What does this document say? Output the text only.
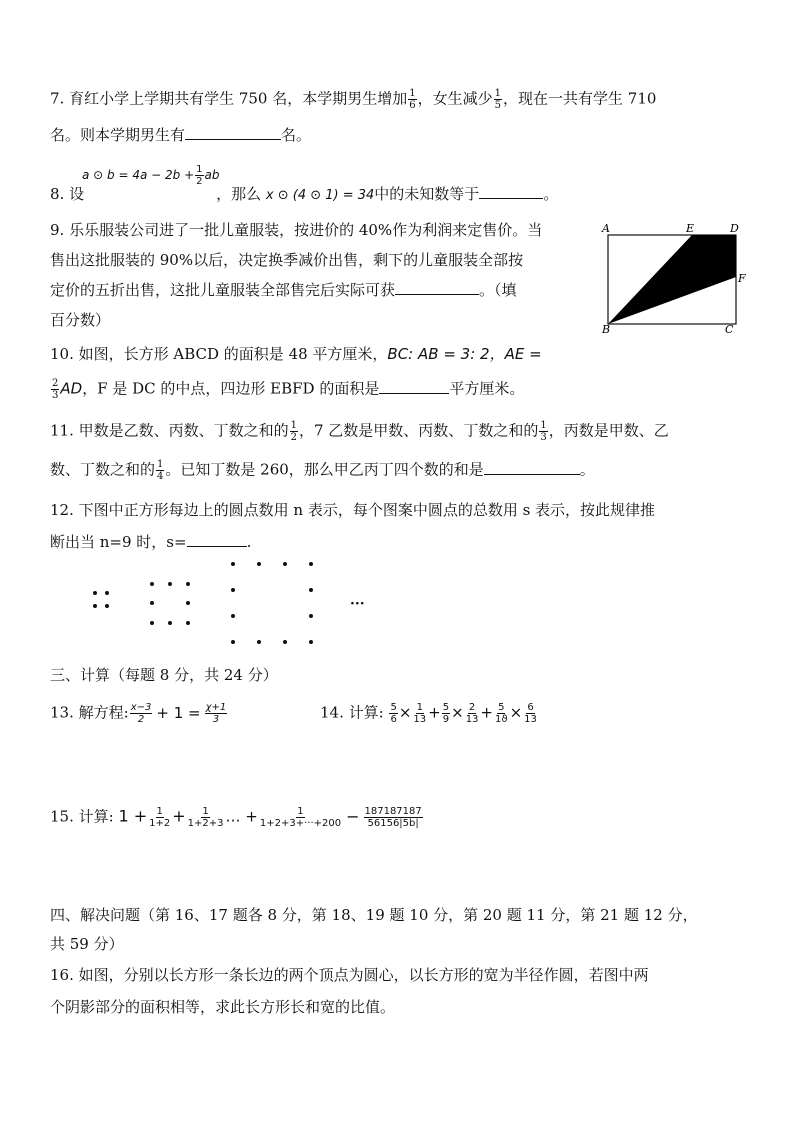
7. 育红小学上学期共有学生 750 名，本学期男生增加 $\frac{1}{6}$ ，女生减少 $\frac{1}{5}$ ，现在一共有学生 710
名。则本学期男生有	名。
a ⊙ $b = 4a - 2b + \frac{1}{2}$ ab
8. 设	，那么 x ⊙ (4 ⊙ 1) = 34中的未知数等于	。
9. 乐乐服装公司进了一批儿童服装，按进价的 40%作为利润来定售价。当
售出这批服装的 90%以后，决定换季减价出售，剩下的儿童服装全部按
定价的五折出售，这批儿童服装全部售完后实际可获	。（填
百分数）
A	E	D
F
B	C
10. 如图，长方形 ABCD 的面积是 48 平方厘米，BC: AB = 3: 2，AE =
$\frac{2}{3}$ AD，F 是 DC 的中点，四边形 EBFD 的面积是	平方厘米。
11. 甲数是乙数、丙数、丁数之和的 $\frac{1}{2}$ ，7 乙数是甲数、丙数、丁数之和的 $\frac{1}{3}$ ，丙数是甲数、乙
数、丁数之和的 $\frac{1}{4}$ 。已知丁数是 260，那么甲乙丙丁四个数的和是	。
12. 下图中正方形每边上的圆点数用 n 表示，每个图案中圆点的总数用 s 表示，按此规律推
断出当 n=9 时，s=	.
···
三、计算（每题 8 分，共 24 分）
13. 解方程: $\frac{x-3}{2} + 1 = \frac{\chi+1}{3}$	14. 计算: $\frac{5}{6} \times \frac{1}{13} + \frac{5}{9} \times \frac{2}{13} + \frac{5}{1ϑ} \times \frac{6}{13}$
15. 计算: $1 + \frac{1}{1+2} + \frac{1}{1+2+3}$ … + $\frac{1}{1+2+3+\cdot\cdot\cdot+200} - \frac{187187187}{56156|5b|}$
四、解决问题（第 16、17 题各 8 分，第 18、19 题 10 分，第 20 题 11 分，第 21 题 12 分，
共 59 分）
16. 如图，分别以长方形一条长边的两个顶点为圆心，以长方形的宽为半径作圆，若图中两
个阴影部分的面积相等，求此长方形长和宽的比值。
